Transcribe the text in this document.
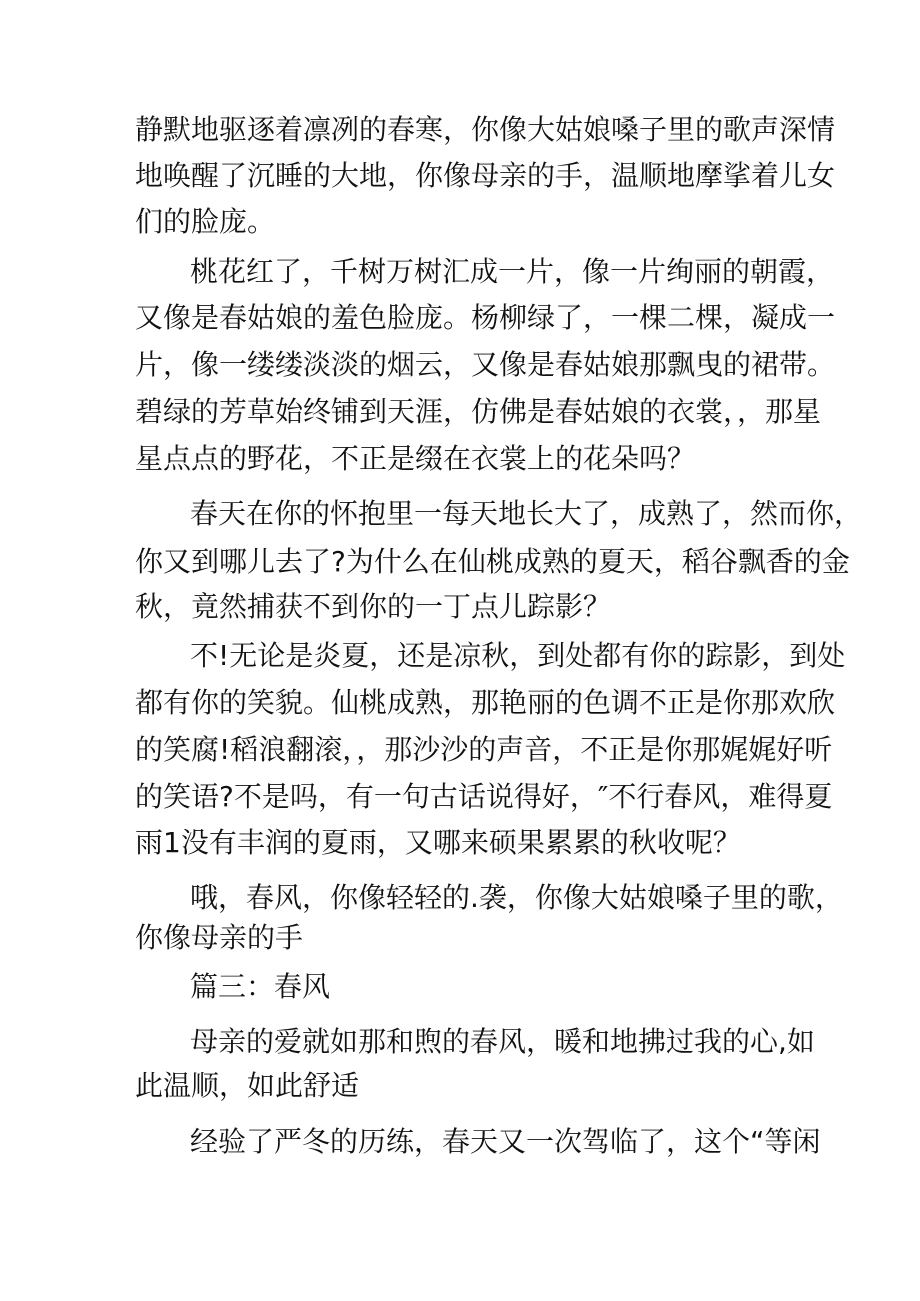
静默地驱逐着凛冽的春寒，你像大姑娘嗓子里的歌声深情
地唤醒了沉睡的大地，你像母亲的手，温顺地摩挲着儿女
们的脸庞。
桃花红了，千树万树汇成一片，像一片绚丽的朝霞，
又像是春姑娘的羞色脸庞。杨柳绿了，一棵二棵，凝成一
片，像一缕缕淡淡的烟云，又像是春姑娘那飘曳的裙带。
碧绿的芳草始终铺到天涯，仿佛是春姑娘的衣裳，，那星
星点点的野花，不正是缀在衣裳上的花朵吗？
春天在你的怀抱里一每天地长大了，成熟了，然而你，
你又到哪儿去了?为什么在仙桃成熟的夏天，稻谷飘香的金
秋，竟然捕获不到你的一丁点儿踪影？
不!无论是炎夏，还是凉秋，到处都有你的踪影，到处
都有你的笑貌。仙桃成熟，那艳丽的色调不正是你那欢欣
的笑腐!稻浪翻滚，，那沙沙的声音，不正是你那娓娓好听
的笑语?不是吗，有一句古话说得好，″不行春风，难得夏
雨1没有丰润的夏雨，又哪来硕果累累的秋收呢？
哦，春风，你像轻轻的.袭，你像大姑娘嗓子里的歌，
你像母亲的手
篇三：春风
母亲的爱就如那和煦的春风，暖和地拂过我的心,如
此温顺，如此舒适
经验了严冬的历练，春天又一次驾临了，这个“等闲
